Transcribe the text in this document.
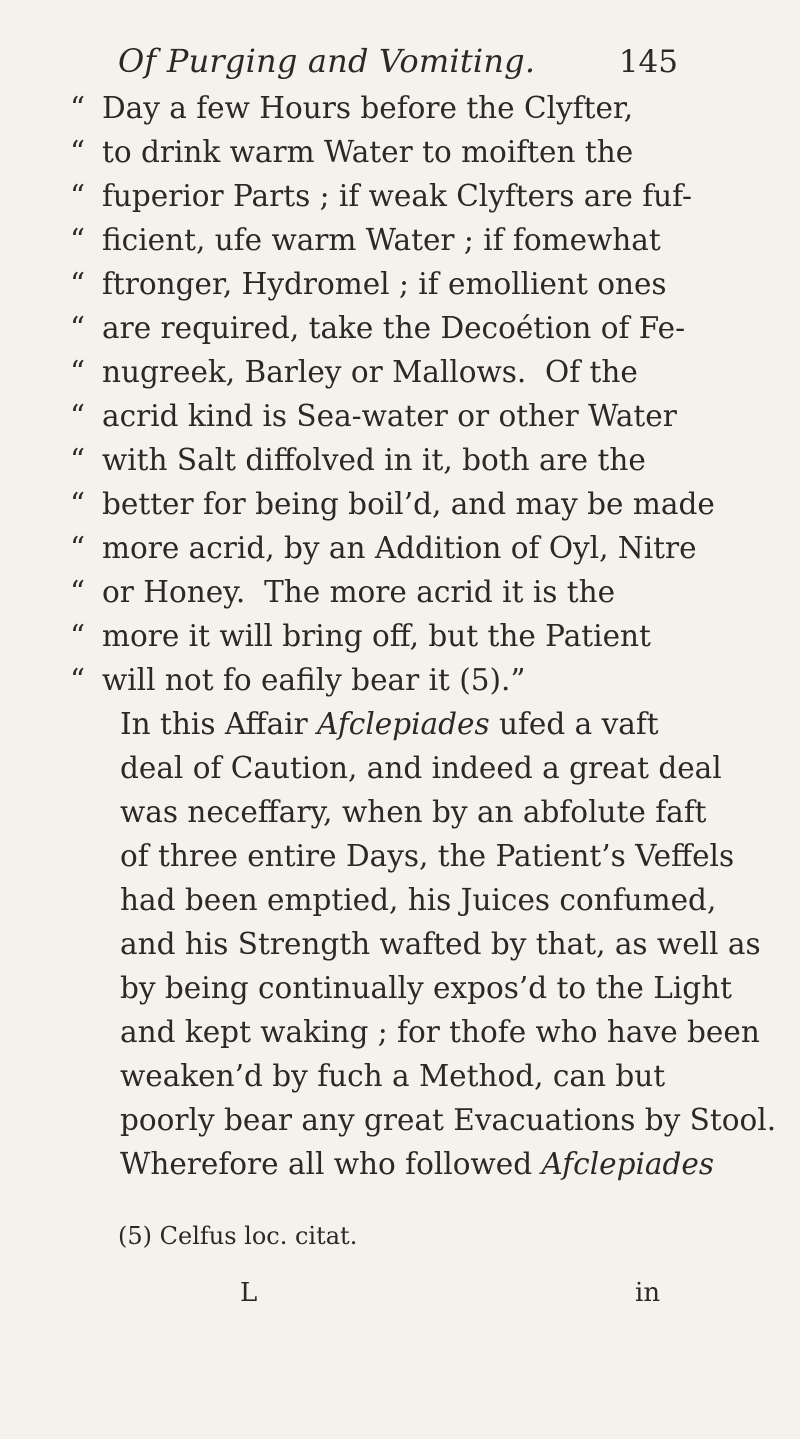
Of Purging and Vomiting.	145
“ Day a few Hours before the Clyfter,
“ to drink warm Water to moiften the
“ fuperior Parts ; if weak Clyfters are fuf-
“ ficient, ufe warm Water ; if fomewhat
“ ftronger, Hydromel ; if emollient ones
“ are required, take the Decoétion of Fe-
“ nugreek, Barley or Mallows.  Of the
“ acrid kind is Sea-water or other Water
“ with Salt diffolved in it, both are the
“ better for being boil’d, and may be made
“ more acrid, by an Addition of Oyl, Nitre
“ or Honey.  The more acrid it is the
“ more it will bring off, but the Patient
“ will not fo eafily bear it (5).”
In this Affair Afclepiades ufed a vaft
deal of Caution, and indeed a great deal
was neceffary, when by an abfolute faft
of three entire Days, the Patient’s Veffels
had been emptied, his Juices confumed,
and his Strength wafted by that, as well as
by being continually expos’d to the Light
and kept waking ; for thofe who have been
weaken’d by fuch a Method, can but
poorly bear any great Evacuations by Stool.
Wherefore all who followed Afclepiades
(5) Celfus loc. citat.
L	in
